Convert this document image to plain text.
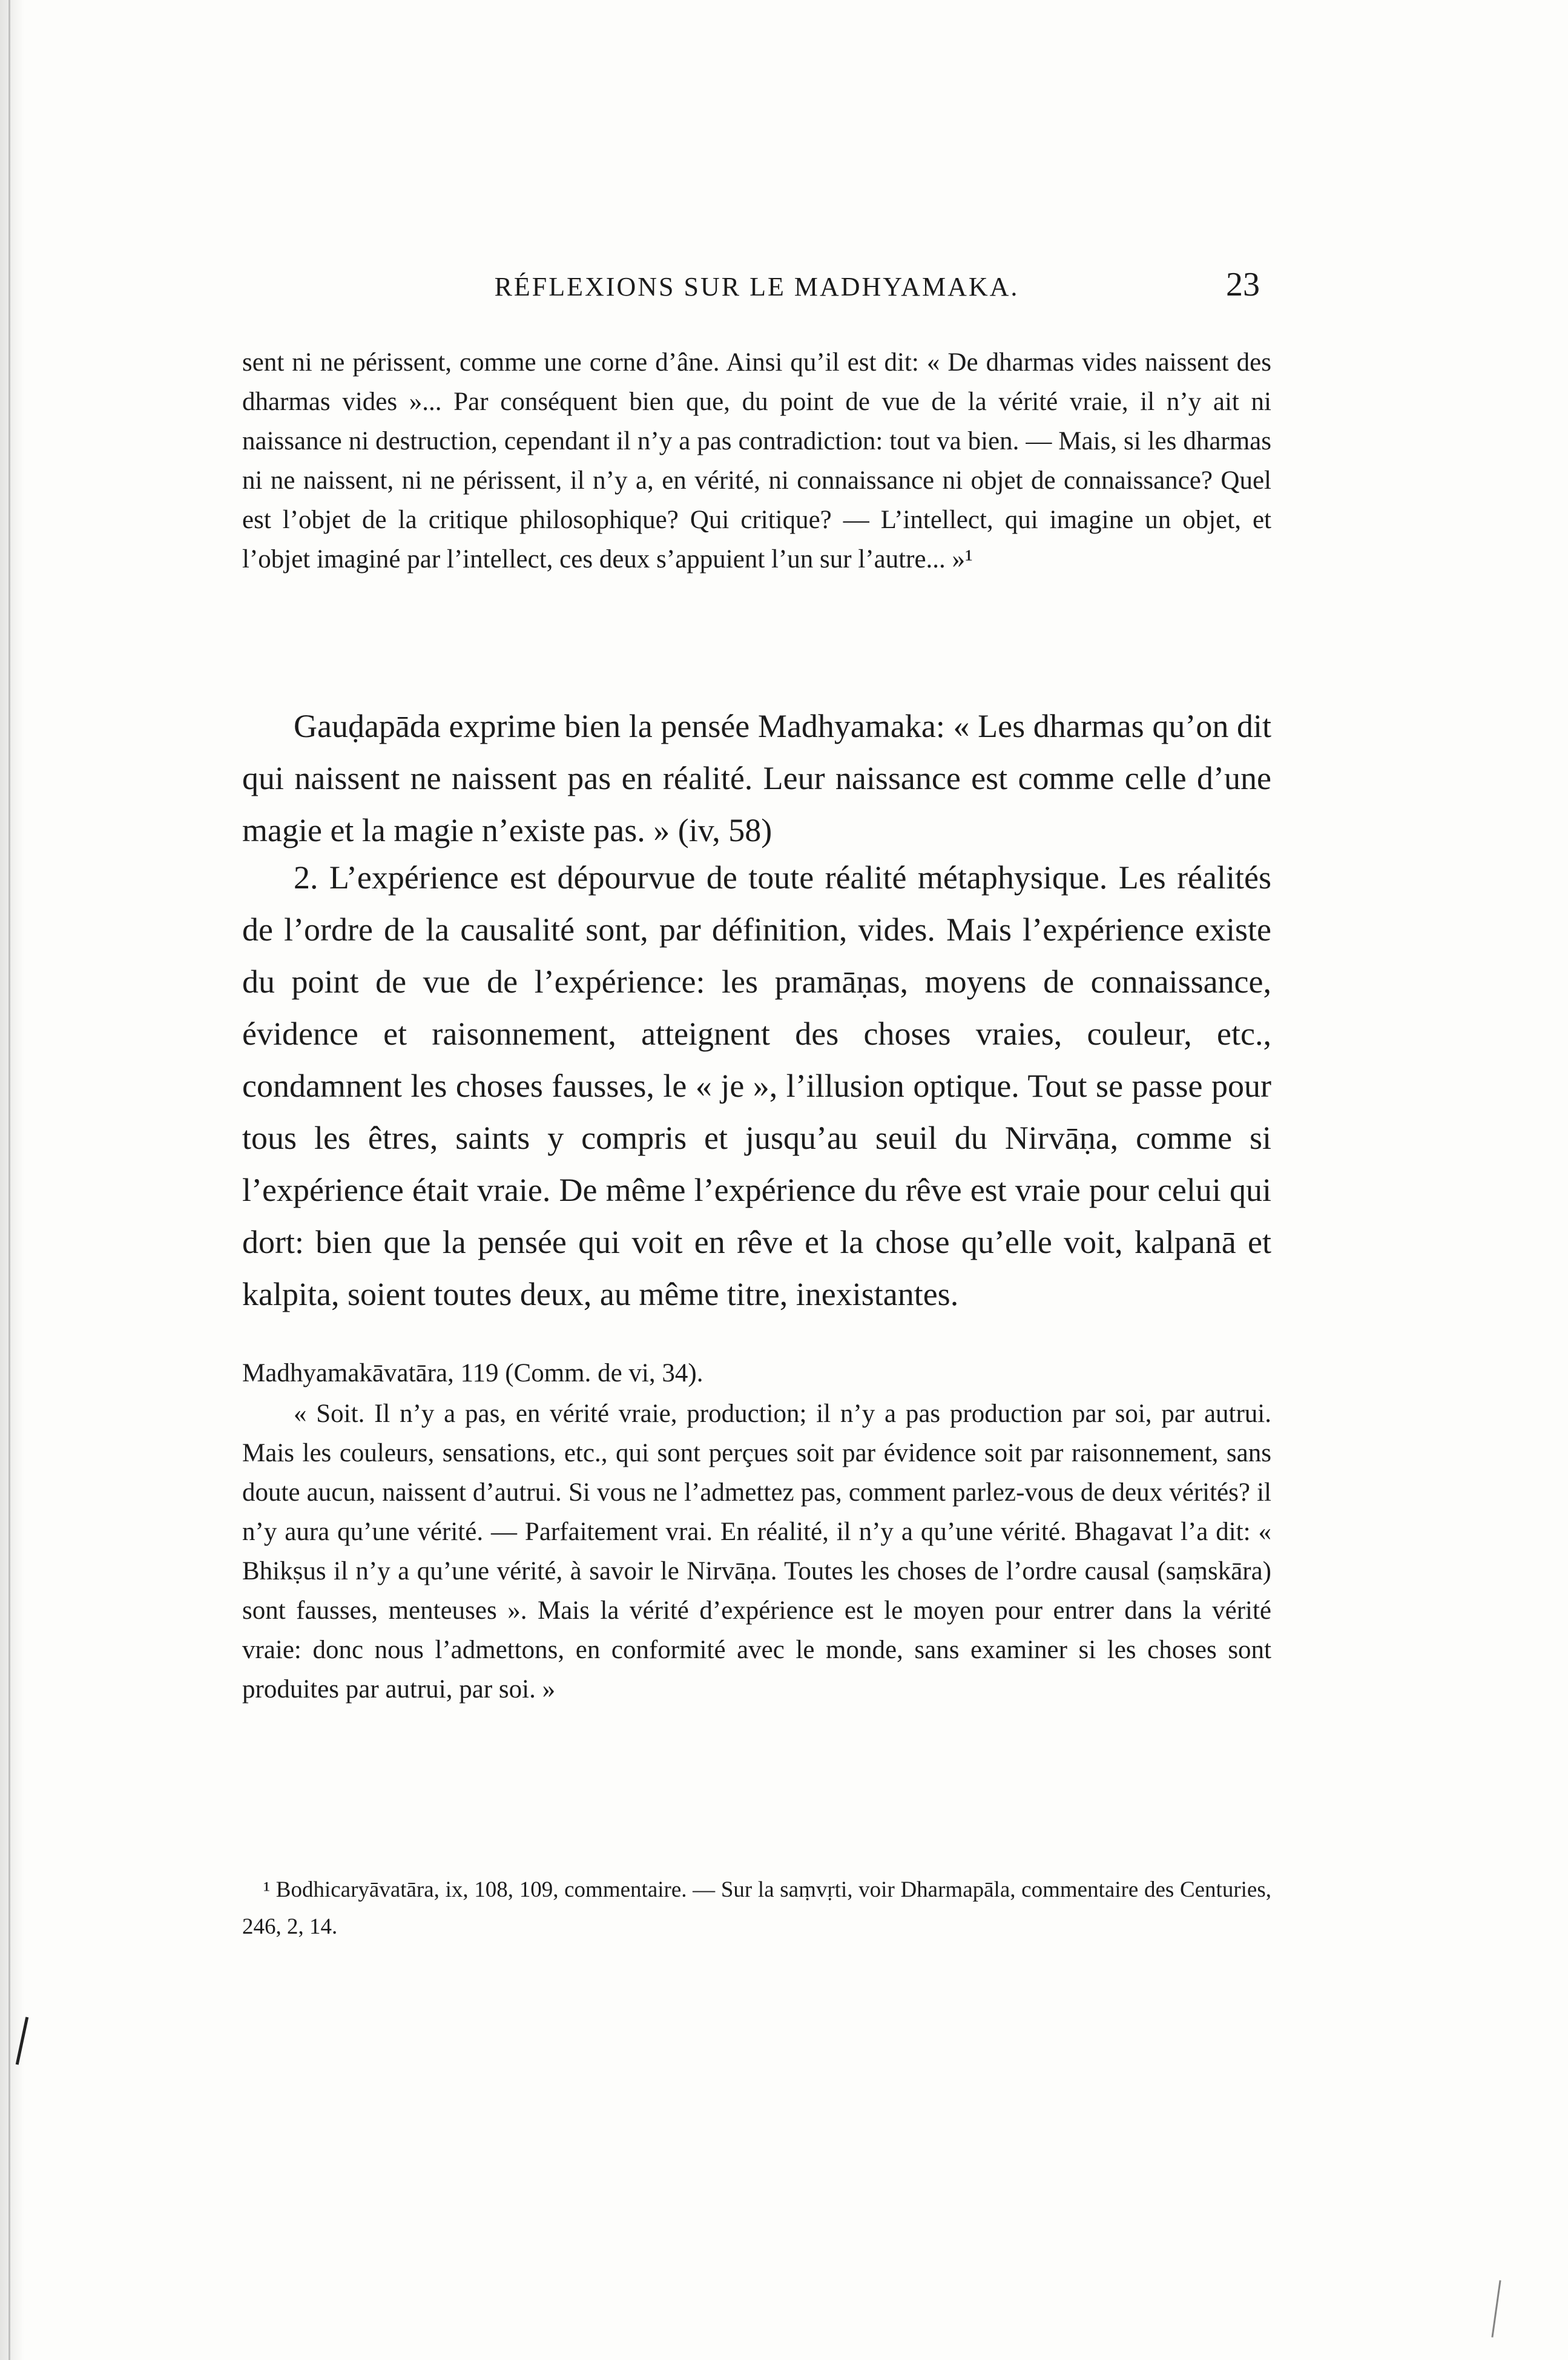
RÉFLEXIONS SUR LE MADHYAMAKA.	23

sent ni ne périssent, comme une corne d’âne. Ainsi qu’il est dit: « De dharmas vides naissent des dharmas vides »... Par conséquent bien que, du point de vue de la vérité vraie, il n’y ait ni naissance ni destruction, cependant il n’y a pas contradiction: tout va bien. — Mais, si les dharmas ni ne naissent, ni ne périssent, il n’y a, en vérité, ni connaissance ni objet de connaissance? Quel est l’objet de la critique philosophique? Qui critique? — L’intellect, qui imagine un objet, et l’objet imaginé par l’intellect, ces deux s’appuient l’un sur l’autre... »¹

Gauḍapāda exprime bien la pensée Madhyamaka: « Les dharmas qu’on dit qui naissent ne naissent pas en réalité. Leur naissance est comme celle d’une magie et la magie n’existe pas. » (iv, 58)

2. L’expérience est dépourvue de toute réalité métaphysique. Les réalités de l’ordre de la causalité sont, par définition, vides. Mais l’expérience existe du point de vue de l’expérience: les pramāṇas, moyens de connaissance, évidence et raisonnement, atteignent des choses vraies, couleur, etc., condamnent les choses fausses, le « je », l’illusion optique. Tout se passe pour tous les êtres, saints y compris et jusqu’au seuil du Nirvāṇa, comme si l’expérience était vraie. De même l’expérience du rêve est vraie pour celui qui dort: bien que la pensée qui voit en rêve et la chose qu’elle voit, kalpanā et kalpita, soient toutes deux, au même titre, inexistantes.

Madhyamakāvatāra, 119 (Comm. de vi, 34).

« Soit. Il n’y a pas, en vérité vraie, production; il n’y a pas production par soi, par autrui. Mais les couleurs, sensations, etc., qui sont perçues soit par évidence soit par raisonnement, sans doute aucun, naissent d’autrui. Si vous ne l’admettez pas, comment parlez-vous de deux vérités? il n’y aura qu’une vérité. — Parfaitement vrai. En réalité, il n’y a qu’une vérité. Bhagavat l’a dit: « Bhikṣus il n’y a qu’une vérité, à savoir le Nirvāṇa. Toutes les choses de l’ordre causal (saṃskāra) sont fausses, menteuses ». Mais la vérité d’expérience est le moyen pour entrer dans la vérité vraie: donc nous l’admettons, en conformité avec le monde, sans examiner si les choses sont produites par autrui, par soi. »

¹ Bodhicaryāvatāra, ix, 108, 109, commentaire. — Sur la saṃvṛti, voir Dharmapāla, commentaire des Centuries, 246, 2, 14.
